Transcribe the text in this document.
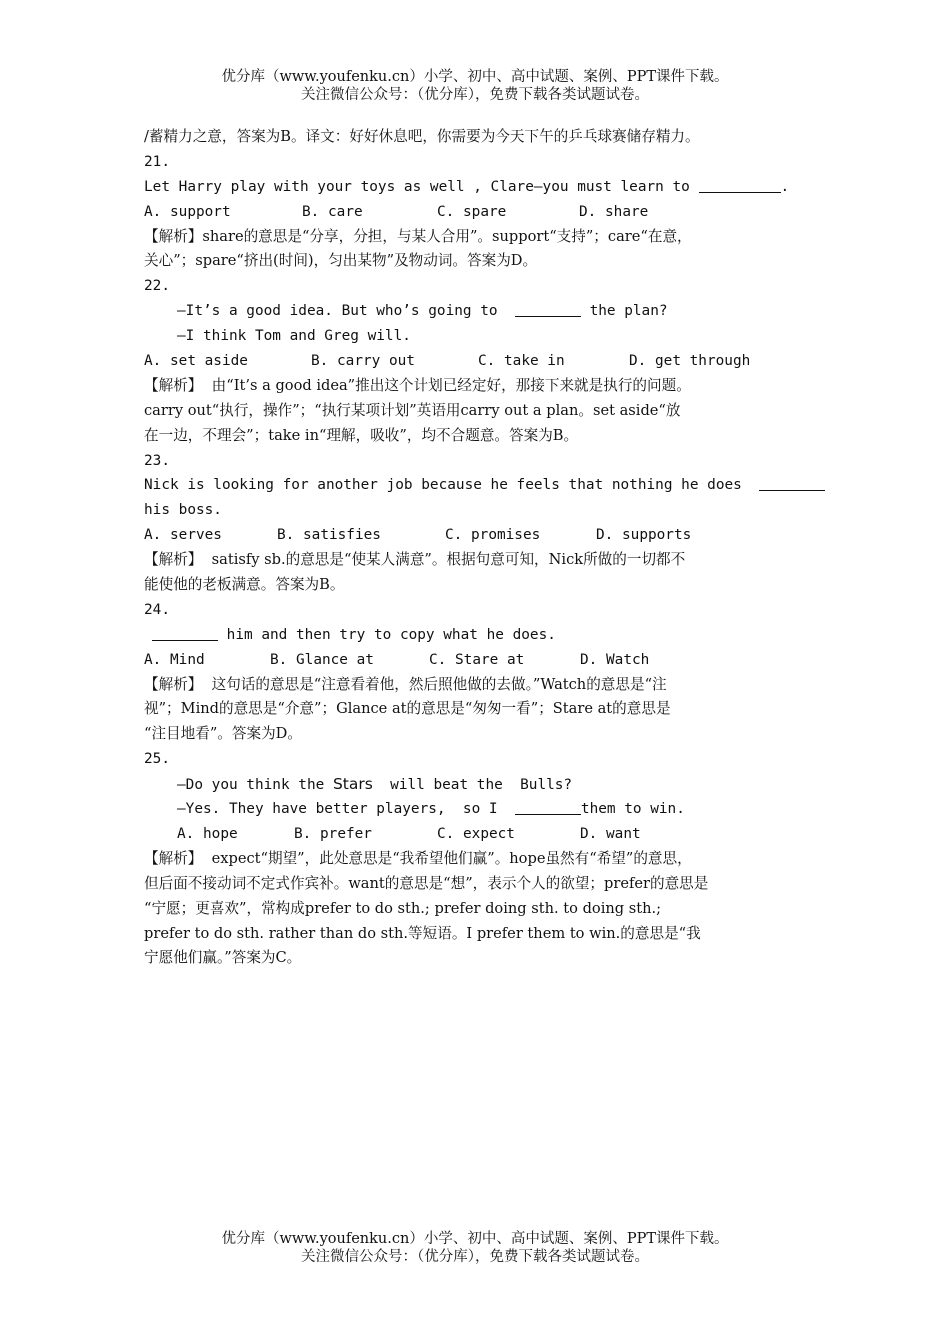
优分库（www.youfenku.cn）小学、初中、高中试题、案例、PPT课件下载。
关注微信公众号：（优分库），免费下载各类试题试卷。
/蓄精力之意，答案为B。译文：好好休息吧，你需要为今天下午的乒乓球赛储存精力。
21.
Let Harry play with your toys as well , Clare—you must learn to	.
A. support	B. care	C. spare	D. share
【解析】share的意思是“分享，分担，与某人合用”。support“支持”；care“在意，
关心”；spare“挤出(时间)，匀出某物”及物动词。答案为D。
22.
—It’s a good idea. But who’s going to	the plan?
—I think Tom and Greg will.
A. set aside	B. carry out	C. take in	D. get through
【解析】  由“It’s a good idea”推出这个计划已经定好，那接下来就是执行的问题。
carry out“执行，操作”；“执行某项计划”英语用carry out a plan。set aside“放
在一边，不理会”；take in“理解，吸收”，均不合题意。答案为B。
23.
Nick is looking for another job because he feels that nothing he does
his boss.
A. serves	B. satisfies	C. promises	D. supports
【解析】  satisfy sb.的意思是“使某人满意”。根据句意可知，Nick所做的一切都不
能使他的老板满意。答案为B。
24.
him and then try to copy what he does.
A. Mind	B. Glance at	C. Stare at	D. Watch
【解析】  这句话的意思是“注意看着他，然后照他做的去做。”Watch的意思是“注
视”；Mind的意思是“介意”；Glance at的意思是“匆匆一看”；Stare at的意思是
“注目地看”。答案为D。
25.
—Do you think the Stars  will beat the  Bulls?
—Yes. They have better players,  so I	them to win.
A. hope	B. prefer	C. expect	D. want
【解析】  expect“期望”，此处意思是“我希望他们赢”。hope虽然有“希望”的意思，
但后面不接动词不定式作宾补。want的意思是“想”，表示个人的欲望；prefer的意思是
“宁愿；更喜欢”，常构成prefer to do sth.; prefer doing sth. to doing sth.;
prefer to do sth. rather than do sth.等短语。I prefer them to win.的意思是“我
宁愿他们赢。”答案为C。
优分库（www.youfenku.cn）小学、初中、高中试题、案例、PPT课件下载。
关注微信公众号：（优分库），免费下载各类试题试卷。
